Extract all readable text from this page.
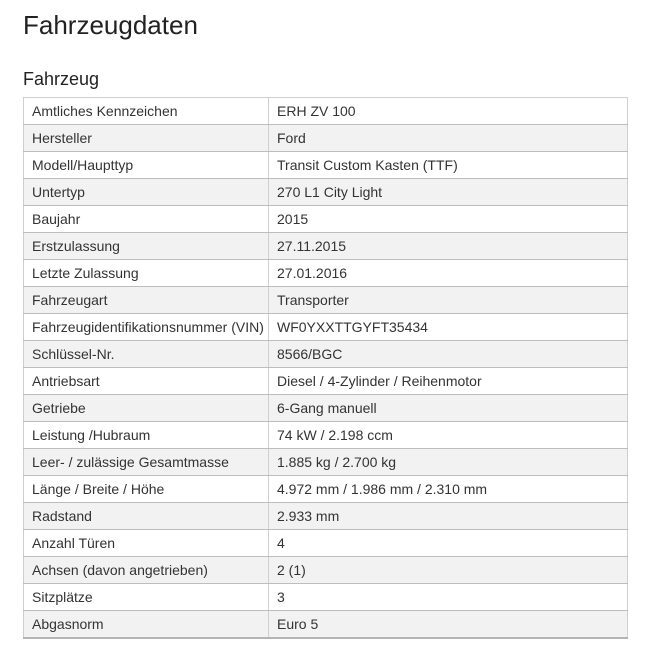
Fahrzeugdaten
Fahrzeug
Amtliches Kennzeichen	ERH ZV 100
Hersteller	Ford
Modell/Haupttyp	Transit Custom Kasten (TTF)
Untertyp	270 L1 City Light
Baujahr	2015
Erstzulassung	27.11.2015
Letzte Zulassung	27.01.2016
Fahrzeugart	Transporter
Fahrzeugidentifikationsnummer (VIN)	WF0YXXTTGYFT35434
Schlüssel-Nr.	8566/BGC
Antriebsart	Diesel / 4-Zylinder / Reihenmotor
Getriebe	6-Gang manuell
Leistung /Hubraum	74 kW / 2.198 ccm
Leer- / zulässige Gesamtmasse	1.885 kg / 2.700 kg
Länge / Breite / Höhe	4.972 mm / 1.986 mm / 2.310 mm
Radstand	2.933 mm
Anzahl Türen	4
Achsen (davon angetrieben)	2 (1)
Sitzplätze	3
Abgasnorm	Euro 5
